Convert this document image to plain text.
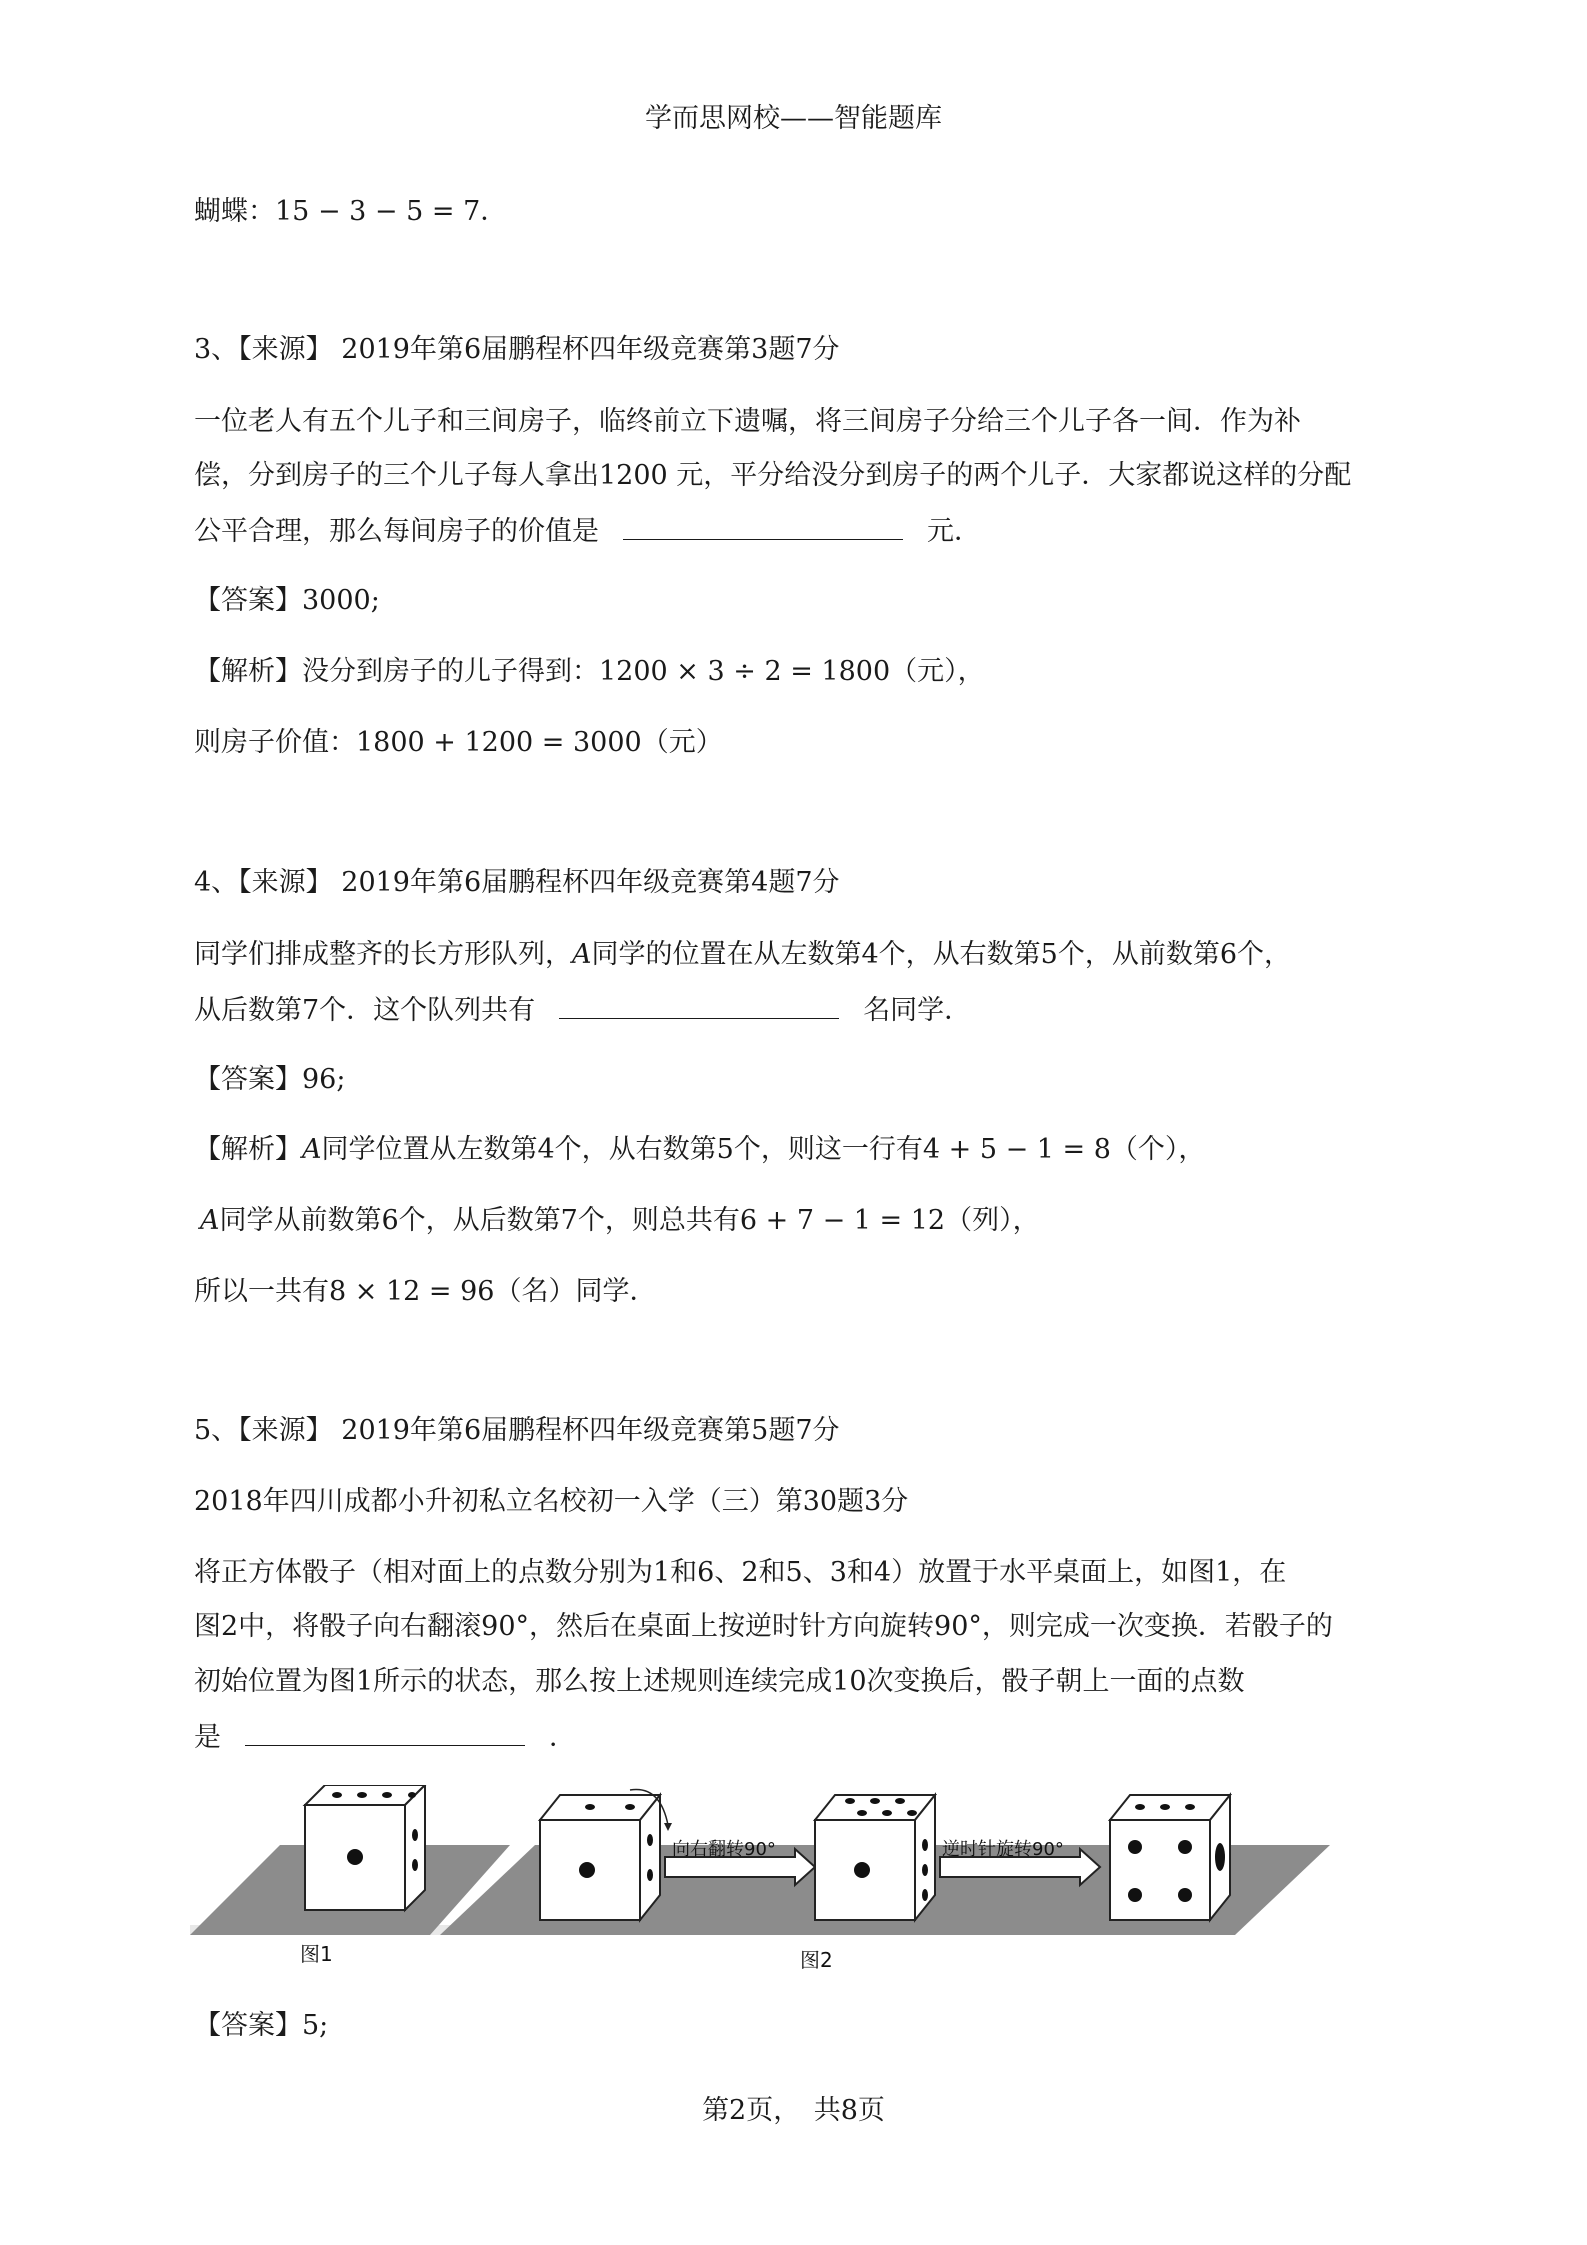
学而思网校——智能题库
蝴蝶：15 − 3 − 5 = 7．
3、【来源】 2019年第6届鹏程杯四年级竞赛第3题7分
一位老人有五个儿子和三间房子，临终前立下遗嘱，将三间房子分给三个儿子各一间．作为补
偿，分到房子的三个儿子每人拿出1200 元，平分给没分到房子的两个儿子．大家都说这样的分配
公平合理，那么每间房子的价值是	元．
【答案】3000;
【解析】没分到房子的儿子得到：1200 × 3 ÷ 2 = 1800（元），
则房子价值：1800 + 1200 = 3000（元）
4、【来源】 2019年第6届鹏程杯四年级竞赛第4题7分
同学们排成整齐的长方形队列，A同学的位置在从左数第4个，从右数第5个，从前数第6个，
从后数第7个．这个队列共有	名同学．
【答案】96;
【解析】A同学位置从左数第4个，从右数第5个，则这一行有4 + 5 − 1 = 8（个），
A同学从前数第6个，从后数第7个，则总共有6 + 7 − 1 = 12（列），
所以一共有8 × 12 = 96（名）同学．
5、【来源】 2019年第6届鹏程杯四年级竞赛第5题7分
2018年四川成都小升初私立名校初一入学（三）第30题3分
将正方体骰子（相对面上的点数分别为1和6、2和5、3和4）放置于水平桌面上，如图1，在
图2中，将骰子向右翻滚90°，然后在桌面上按逆时针方向旋转90°，则完成一次变换．若骰子的
初始位置为图1所示的状态，那么按上述规则连续完成10次变换后，骰子朝上一面的点数
是	．
向右翻转90°	逆时针旋转90°
图1	图2
【答案】5;
第2页，　共8页
